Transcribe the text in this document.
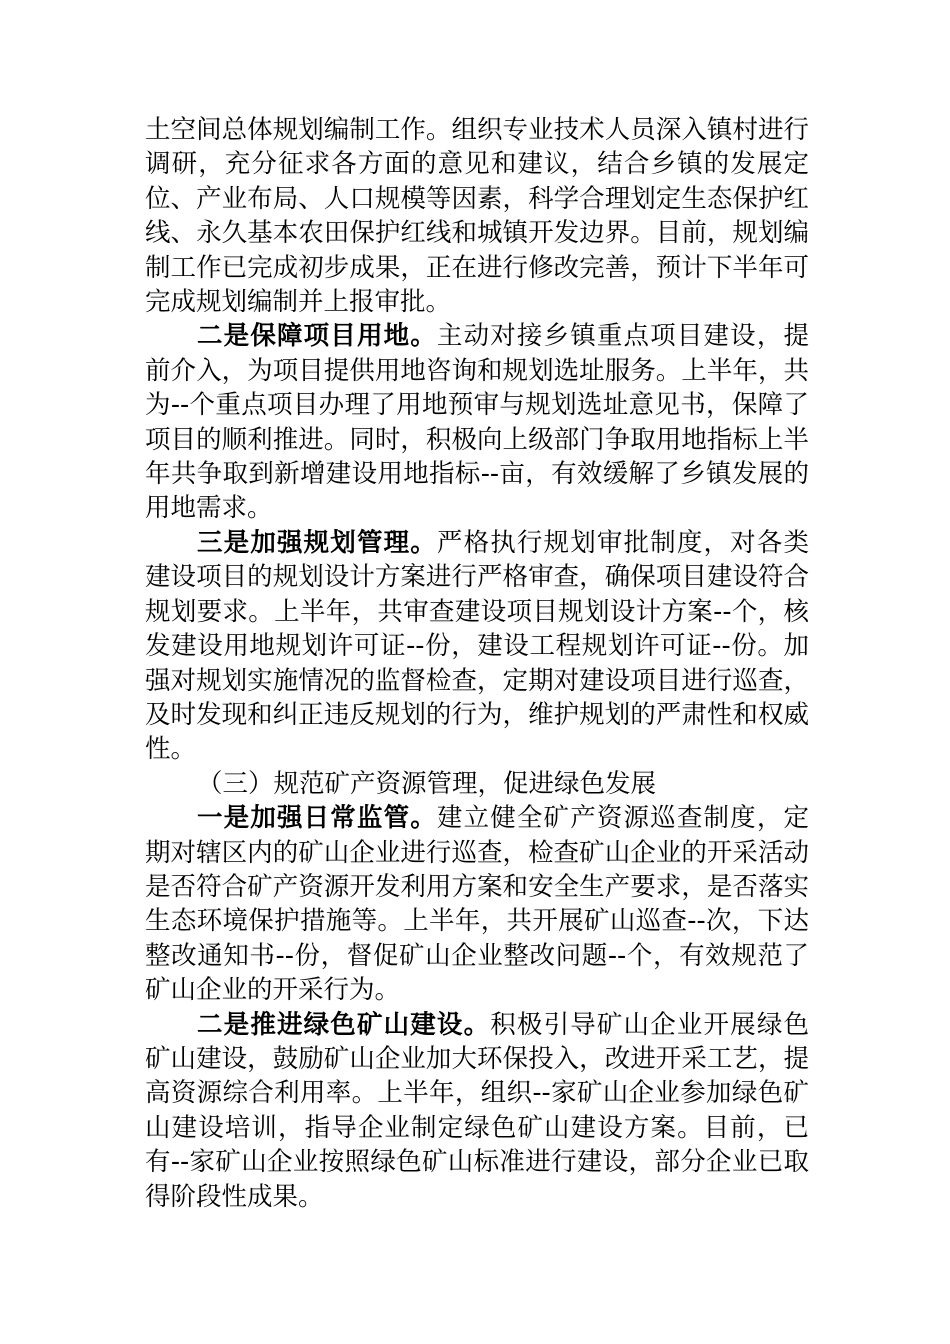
土空间总体规划编制工作。组织专业技术人员深入镇村进行调研，充分征求各方面的意见和建议，结合乡镇的发展定位、产业布局、人口规模等因素，科学合理划定生态保护红线、永久基本农田保护红线和城镇开发边界。目前，规划编制工作已完成初步成果，正在进行修改完善，预计下半年可完成规划编制并上报审批。

二是保障项目用地。主动对接乡镇重点项目建设，提前介入，为项目提供用地咨询和规划选址服务。上半年，共为--个重点项目办理了用地预审与规划选址意见书，保障了项目的顺利推进。同时，积极向上级部门争取用地指标上半年共争取到新增建设用地指标--亩，有效缓解了乡镇发展的用地需求。

三是加强规划管理。严格执行规划审批制度，对各类建设项目的规划设计方案进行严格审查，确保项目建设符合规划要求。上半年，共审查建设项目规划设计方案--个，核发建设用地规划许可证--份，建设工程规划许可证--份。加强对规划实施情况的监督检查，定期对建设项目进行巡查，及时发现和纠正违反规划的行为，维护规划的严肃性和权威性。

（三）规范矿产资源管理，促进绿色发展

一是加强日常监管。建立健全矿产资源巡查制度，定期对辖区内的矿山企业进行巡查，检查矿山企业的开采活动是否符合矿产资源开发利用方案和安全生产要求，是否落实生态环境保护措施等。上半年，共开展矿山巡查--次，下达整改通知书--份，督促矿山企业整改问题--个，有效规范了矿山企业的开采行为。

二是推进绿色矿山建设。积极引导矿山企业开展绿色矿山建设，鼓励矿山企业加大环保投入，改进开采工艺，提高资源综合利用率。上半年，组织--家矿山企业参加绿色矿山建设培训，指导企业制定绿色矿山建设方案。目前，已有--家矿山企业按照绿色矿山标准进行建设，部分企业已取得阶段性成果。
